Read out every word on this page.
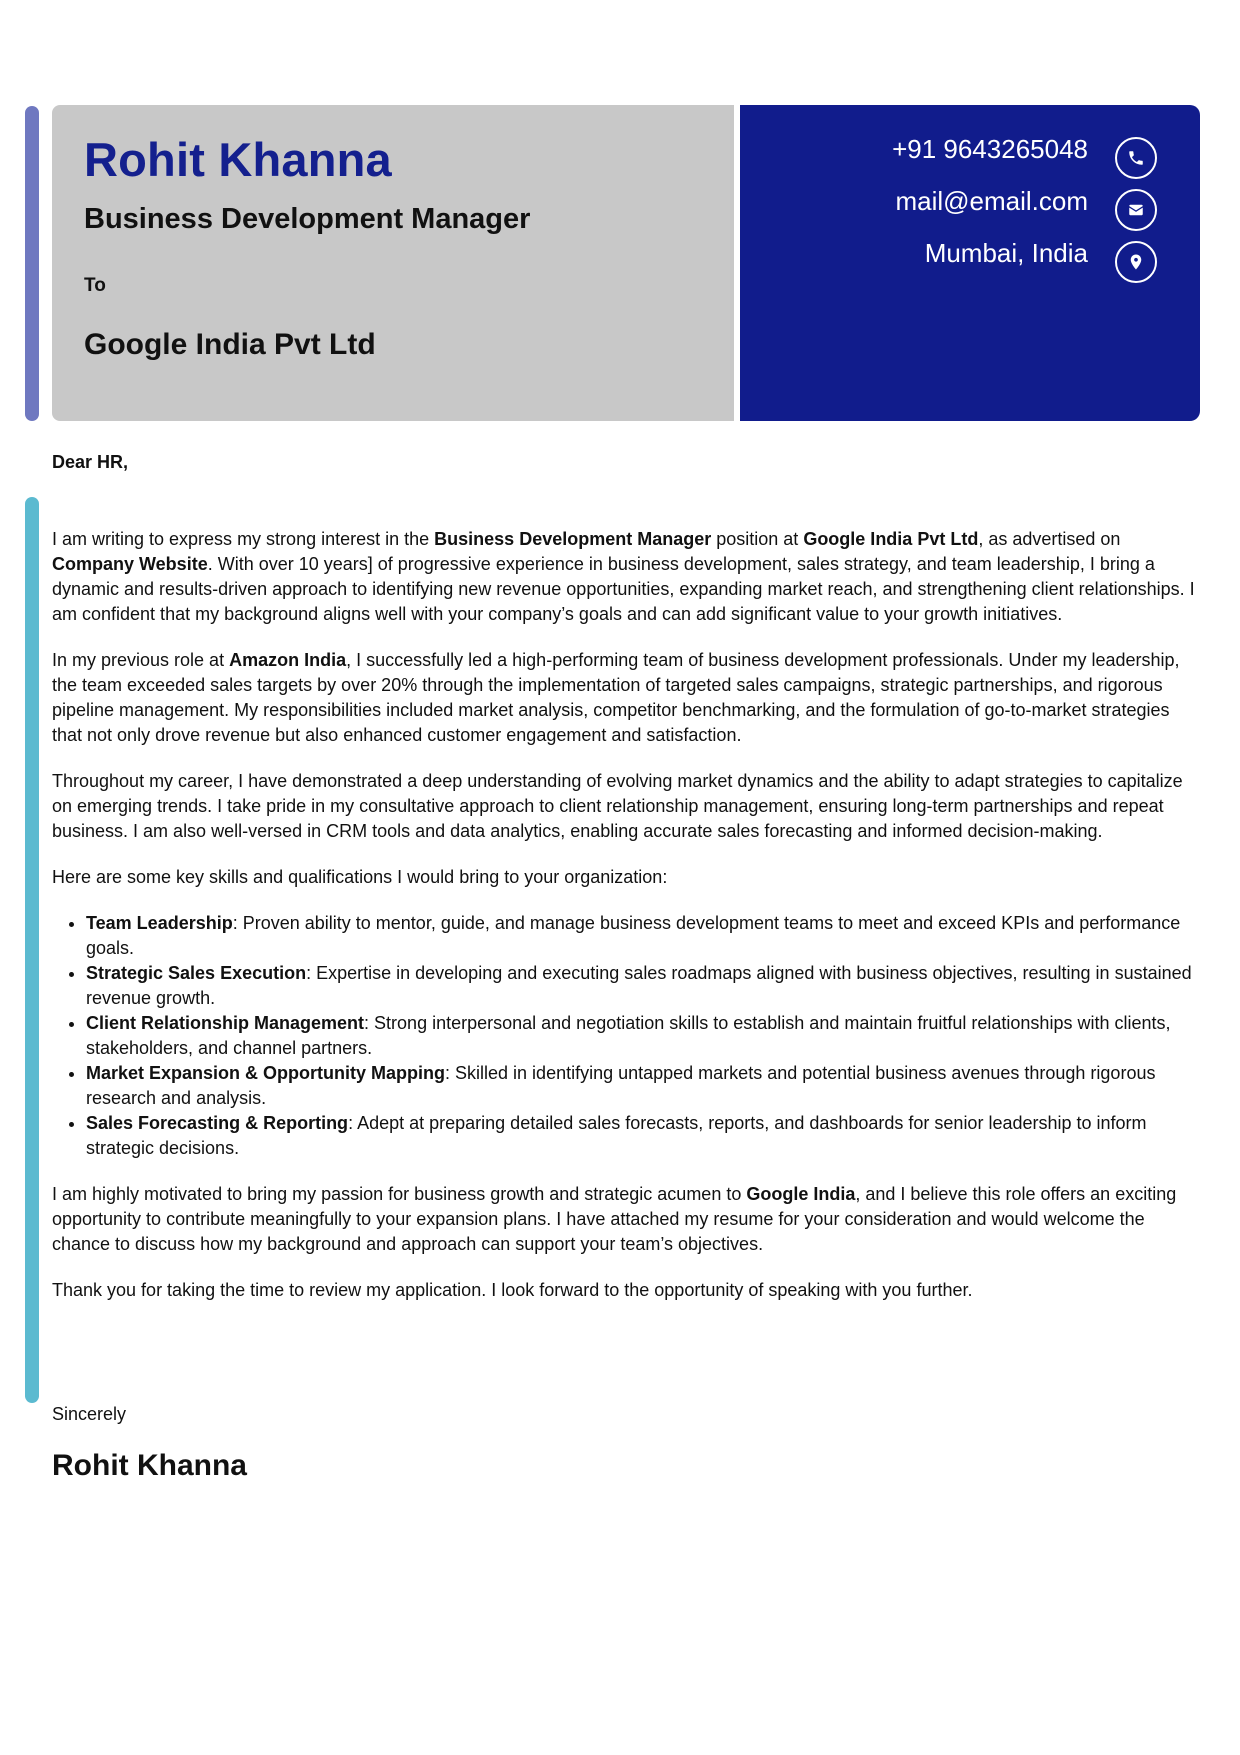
Rohit Khanna
Business Development Manager
To
Google India Pvt Ltd
+91 9643265048
mail@email.com
Mumbai, India
Dear HR,

I am writing to express my strong interest in the Business Development Manager position at Google India Pvt Ltd, as advertised on Company Website. With over 10 years] of progressive experience in business development, sales strategy, and team leadership, I bring a dynamic and results-driven approach to identifying new revenue opportunities, expanding market reach, and strengthening client relationships. I am confident that my background aligns well with your company’s goals and can add significant value to your growth initiatives.

In my previous role at Amazon India, I successfully led a high-performing team of business development professionals. Under my leadership, the team exceeded sales targets by over 20% through the implementation of targeted sales campaigns, strategic partnerships, and rigorous pipeline management. My responsibilities included market analysis, competitor benchmarking, and the formulation of go-to-market strategies that not only drove revenue but also enhanced customer engagement and satisfaction.

Throughout my career, I have demonstrated a deep understanding of evolving market dynamics and the ability to adapt strategies to capitalize on emerging trends. I take pride in my consultative approach to client relationship management, ensuring long-term partnerships and repeat business. I am also well-versed in CRM tools and data analytics, enabling accurate sales forecasting and informed decision-making.

Here are some key skills and qualifications I would bring to your organization:

• Team Leadership: Proven ability to mentor, guide, and manage business development teams to meet and exceed KPIs and performance goals.
• Strategic Sales Execution: Expertise in developing and executing sales roadmaps aligned with business objectives, resulting in sustained revenue growth.
• Client Relationship Management: Strong interpersonal and negotiation skills to establish and maintain fruitful relationships with clients, stakeholders, and channel partners.
• Market Expansion & Opportunity Mapping: Skilled in identifying untapped markets and potential business avenues through rigorous research and analysis.
• Sales Forecasting & Reporting: Adept at preparing detailed sales forecasts, reports, and dashboards for senior leadership to inform strategic decisions.

I am highly motivated to bring my passion for business growth and strategic acumen to Google India, and I believe this role offers an exciting opportunity to contribute meaningfully to your expansion plans. I have attached my resume for your consideration and would welcome the chance to discuss how my background and approach can support your team’s objectives.

Thank you for taking the time to review my application. I look forward to the opportunity of speaking with you further.

Sincerely
Rohit Khanna
